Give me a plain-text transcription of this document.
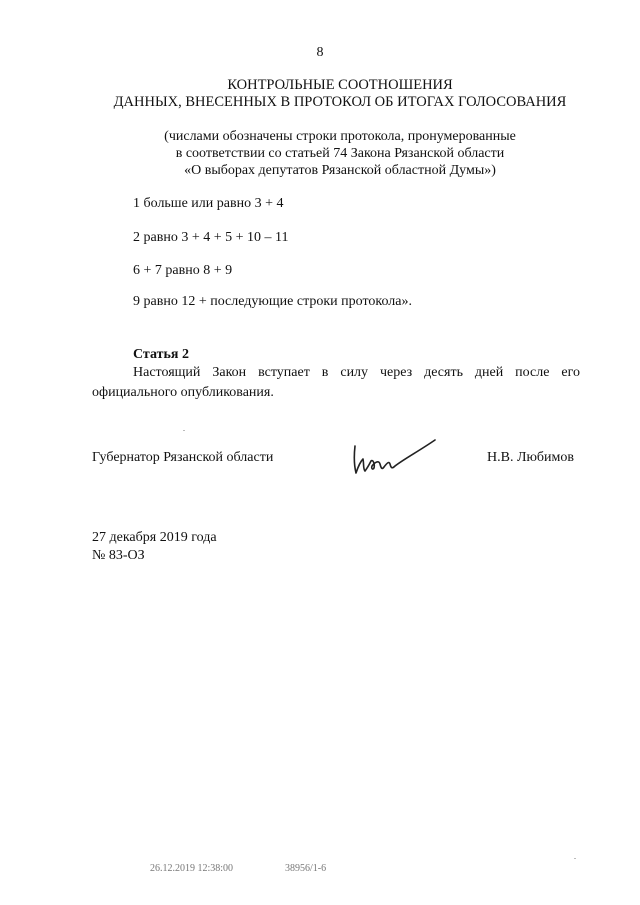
8
КОНТРОЛЬНЫЕ СООТНОШЕНИЯ
ДАННЫХ, ВНЕСЕННЫХ В ПРОТОКОЛ ОБ ИТОГАХ ГОЛОСОВАНИЯ
(числами обозначены строки протокола, пронумерованные
в соответствии со статьей 74 Закона Рязанской области
«О выборах депутатов Рязанской областной Думы»)
1 больше или равно 3 + 4
2 равно 3 + 4 + 5 + 10 – 11
6 + 7 равно 8 + 9
9 равно 12 + последующие строки протокола».
Статья 2
Настоящий Закон вступает в силу через десять дней после его официального опубликования.
Губернатор Рязанской области	Н.В. Любимов
27 декабря 2019 года
№ 83-ОЗ
26.12.2019 12:38:00	38956/1-6
